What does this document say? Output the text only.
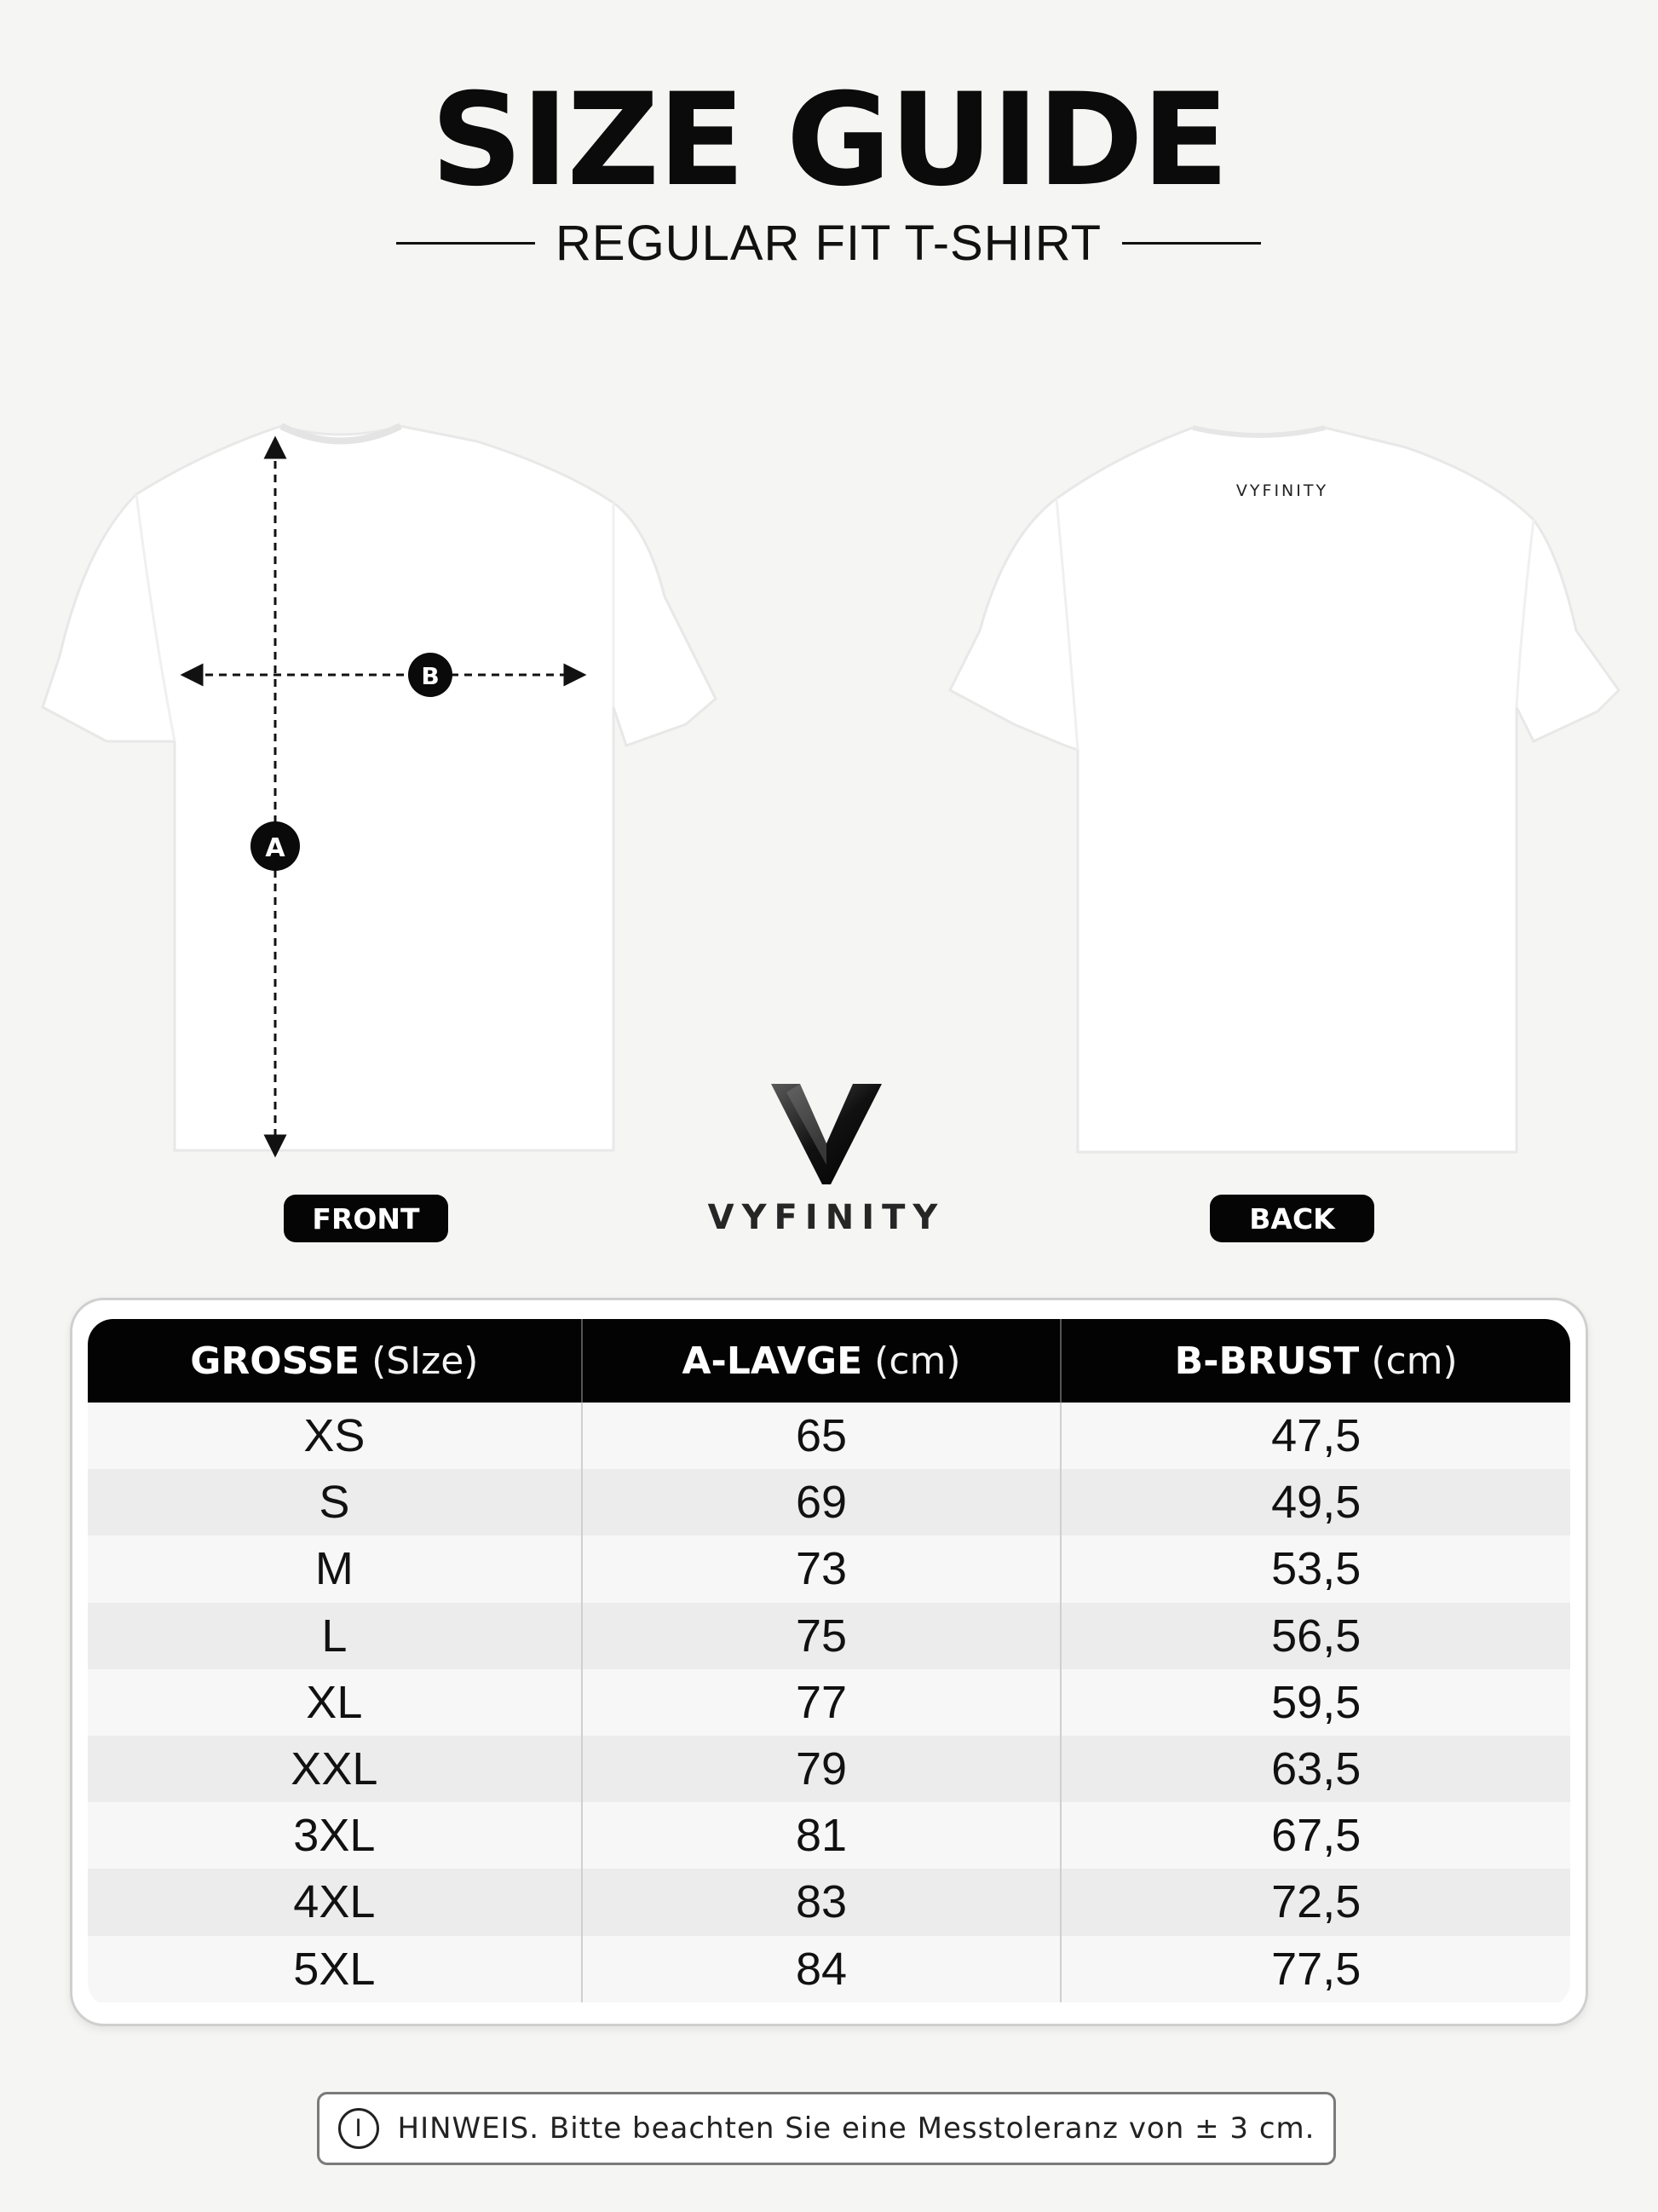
SIZE GUIDE
REGULAR FIT T-SHIRT
B
A
VYFINITY
FRONT	BACK
VYFINITY
GROSSE (SIze)	A-LAVGE (cm)	B-BRUST (cm)
XS	65	47,5
S	69	49,5
M	73	53,5
L	75	56,5
XL	77	59,5
XXL	79	63,5
3XL	81	67,5
4XL	83	72,5
5XL	84	77,5
I	HINWEIS. Bitte beachten Sie eine Messtoleranz von ± 3 cm.
